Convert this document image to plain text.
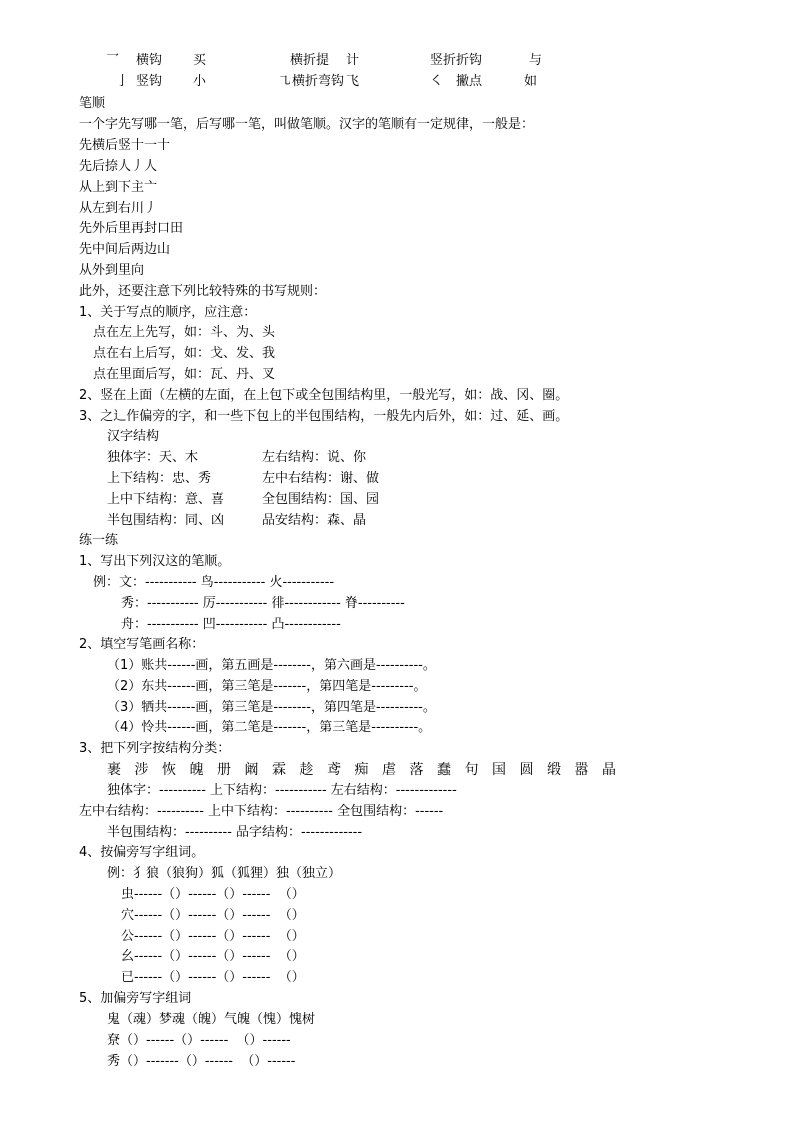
乛 横钩 买	横折提 计	竖折折钩	与
亅 竖钩 小	㇈ 横折弯钩 飞	㇛ 撇点	如
笔顺
一个字先写哪一笔，后写哪一笔，叫做笔顺。汉字的笔顺有一定规律，一般是：
先横后竖十一十
先后捺人丿人
从上到下主亠
从左到右川丿
先外后里再封口田
先中间后两边山
从外到里向
此外，还要注意下列比较特殊的书写规则：
1、关于写点的顺序，应注意：
点在左上先写，如：斗、为、头
点在右上后写，如：戈、发、我
点在里面后写，如：瓦、丹、叉
2、竖在上面（左横的左面，在上包下或全包围结构里，一般光写，如：战、冈、圈。
3、之辶作偏旁的字，和一些下包上的半包围结构，一般先内后外，如：过、延、画。
汉字结构
独体字：天、木	左右结构：说、你
上下结构：忠、秀	左中右结构：谢、做
上中下结构：意、喜	全包围结构：国、园
半包围结构：同、凶	品安结构：森、晶
练一练
1、写出下列汉这的笔顺。
例：文：----------- 鸟----------- 火-----------
秀：----------- 厉----------- 徘------------ 脊----------
舟：----------- 凹----------- 凸------------
2、填空写笔画名称：
（1）账共------画，第五画是--------，第六画是----------。
（2）东共------画，第三笔是-------，第四笔是---------。
（3）牺共------画，第三笔是--------，第四笔是----------。
（4）怜共------画，第二笔是-------，第三笔是----------。
3、把下列字按结构分类：
裹 涉 恢 魄 册 阚 霖 趁 鸢 痴 虐 落 蠢 句 国 圆 缎 嚣 晶
独体字：---------- 上下结构：----------- 左右结构：-------------
左中右结构：---------- 上中下结构：---------- 全包围结构：------
半包围结构：---------- 品字结构：-------------
4、按偏旁写字组词。
例：犭狼（狼狗）狐（狐狸）独（独立）
虫------（）------（）------  （）
穴------（）------（）------  （）
公------（）------（）------  （）
幺------（）------（）------  （）
已------（）------（）------  （）
5、加偏旁写字组词
鬼（魂）梦魂（魄）气魄（愧）愧树
尞（）------（）------  （）------
秀（）-------（）------  （）------
